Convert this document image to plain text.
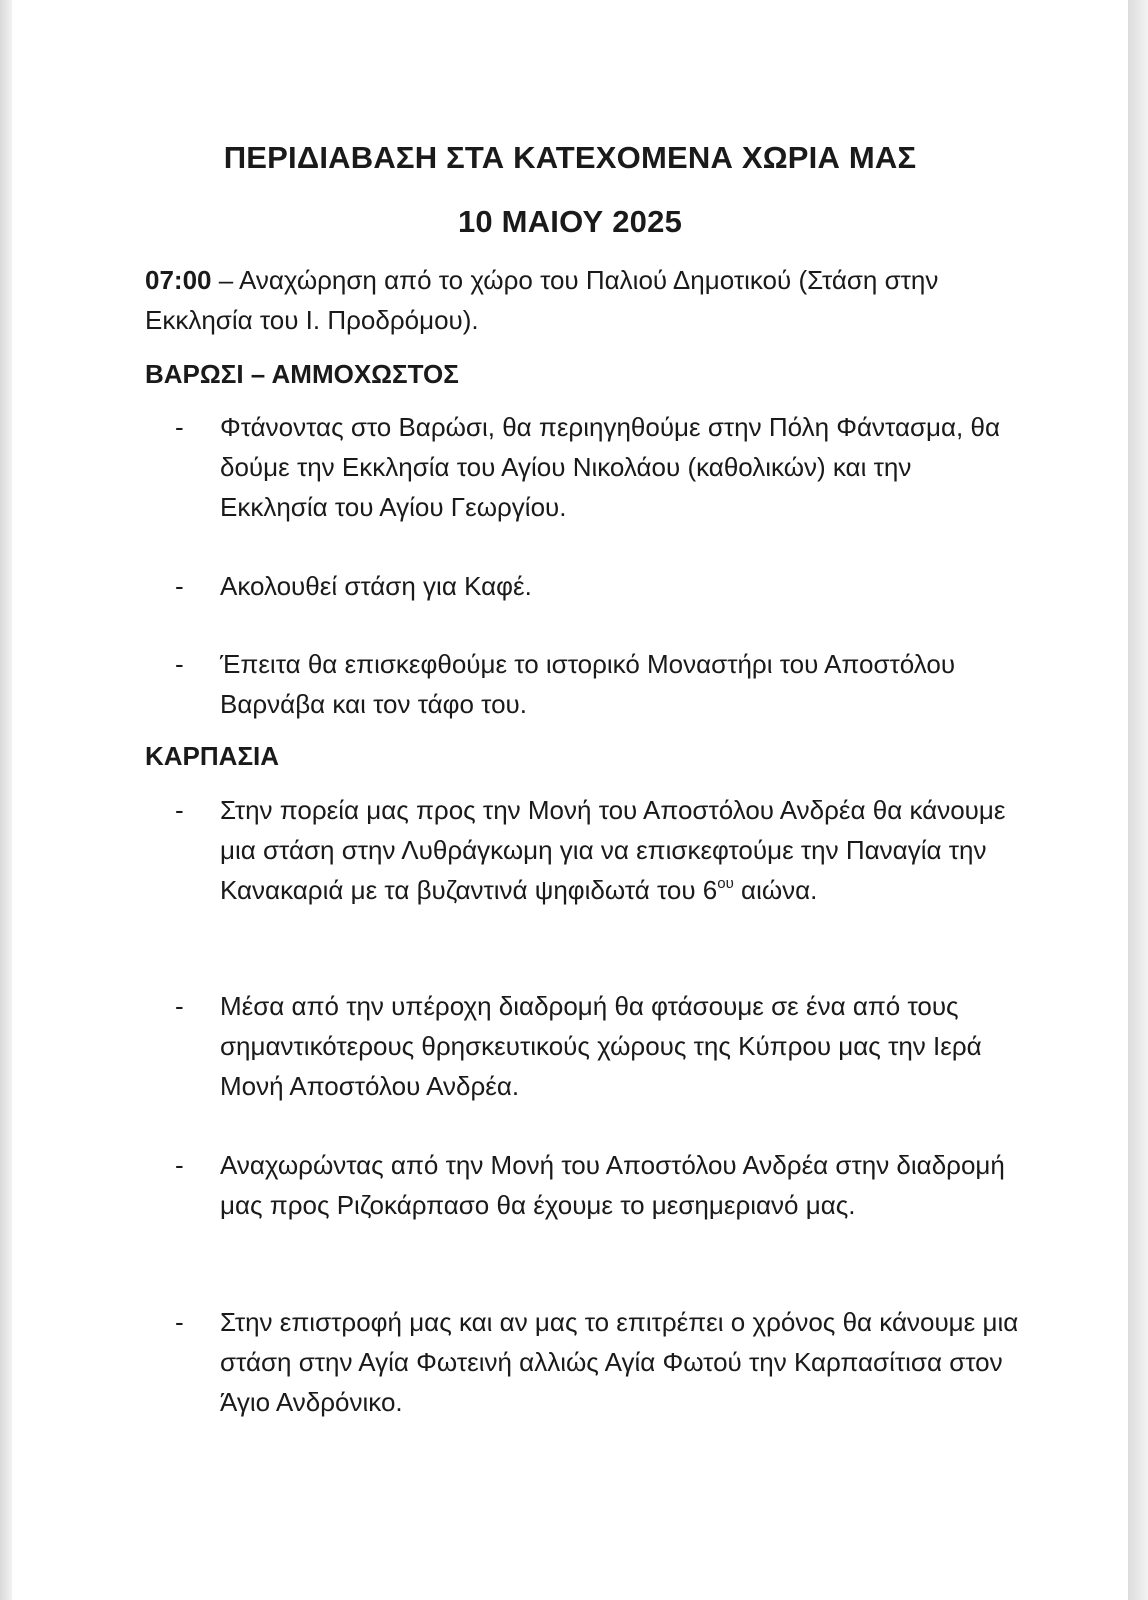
ΠΕΡΙΔΙΑΒΑΣΗ ΣΤΑ ΚΑΤΕΧΟΜΕΝΑ ΧΩΡΙΑ ΜΑΣ
10 ΜΑΙΟΥ 2025
07:00 – Αναχώρηση από το χώρο του Παλιού Δημοτικού (Στάση στην Εκκλησία του Ι. Προδρόμου).
ΒΑΡΩΣΙ – ΑΜΜΟΧΩΣΤΟΣ
-	Φτάνοντας στο Βαρώσι, θα περιηγηθούμε στην Πόλη Φάντασμα, θα δούμε την Εκκλησία του Αγίου Νικολάου (καθολικών) και την Εκκλησία του Αγίου Γεωργίου.
-	Ακολουθεί στάση για Καφέ.
-	Έπειτα θα επισκεφθούμε το ιστορικό Μοναστήρι του Αποστόλου Βαρνάβα και τον τάφο του.
ΚΑΡΠΑΣΙΑ
-	Στην πορεία μας προς την Μονή του Αποστόλου Ανδρέα θα κάνουμε μια στάση στην Λυθράγκωμη για να επισκεφτούμε την Παναγία την Κανακαριά με τα βυζαντινά ψηφιδωτά του $6^{o\upsilon}$ αιώνα.
-	Μέσα από την υπέροχη διαδρομή θα φτάσουμε σε ένα από τους σημαντικότερους θρησκευτικούς χώρους της Κύπρου μας την Ιερά Μονή Αποστόλου Ανδρέα.
-	Αναχωρώντας από την Μονή του Αποστόλου Ανδρέα στην διαδρομή μας προς Ριζοκάρπασο θα έχουμε το μεσημεριανό μας.
-	Στην επιστροφή μας και αν μας το επιτρέπει ο χρόνος θα κάνουμε μια στάση στην Αγία Φωτεινή αλλιώς Αγία Φωτού την Καρπασίτισα στον Άγιο Ανδρόνικο.
